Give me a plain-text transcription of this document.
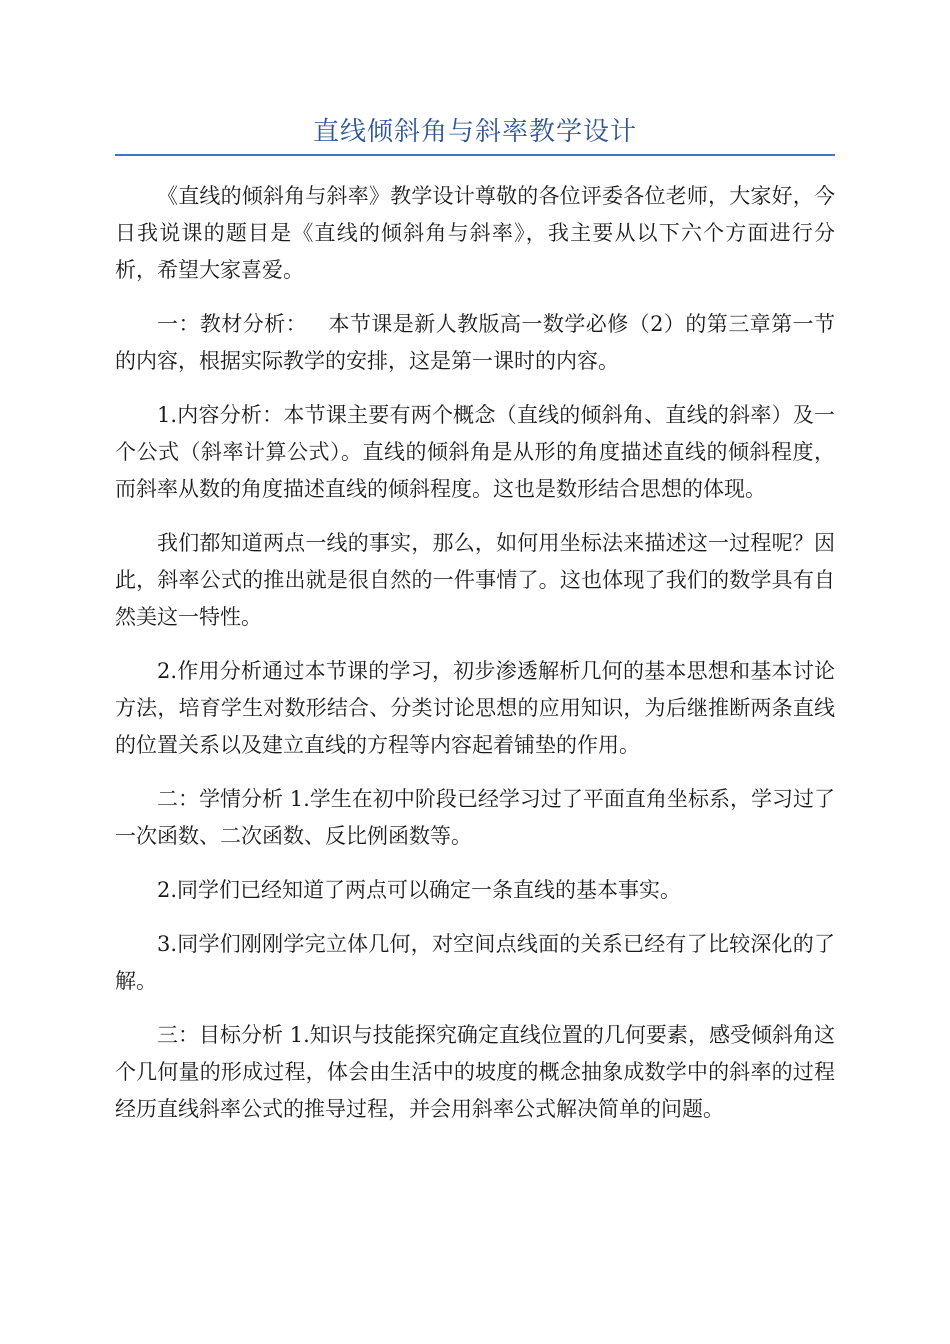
直线倾斜角与斜率教学设计

《直线的倾斜角与斜率》教学设计尊敬的各位评委各位老师，大家好，今日我说课的题目是《直线的倾斜角与斜率》，我主要从以下六个方面进行分析，希望大家喜爱。

一：教材分析：   本节课是新人教版高一数学必修（2）的第三章第一节的内容，根据实际教学的安排，这是第一课时的内容。

1.内容分析：本节课主要有两个概念（直线的倾斜角、直线的斜率）及一个公式（斜率计算公式）。直线的倾斜角是从形的角度描述直线的倾斜程度，而斜率从数的角度描述直线的倾斜程度。这也是数形结合思想的体现。

我们都知道两点一线的事实，那么，如何用坐标法来描述这一过程呢？因此，斜率公式的推出就是很自然的一件事情了。这也体现了我们的数学具有自然美这一特性。

2.作用分析通过本节课的学习，初步渗透解析几何的基本思想和基本讨论方法，培育学生对数形结合、分类讨论思想的应用知识，为后继推断两条直线的位置关系以及建立直线的方程等内容起着铺垫的作用。

二：学情分析 1.学生在初中阶段已经学习过了平面直角坐标系，学习过了一次函数、二次函数、反比例函数等。

2.同学们已经知道了两点可以确定一条直线的基本事实。

3.同学们刚刚学完立体几何，对空间点线面的关系已经有了比较深化的了解。

三：目标分析 1.知识与技能探究确定直线位置的几何要素，感受倾斜角这个几何量的形成过程，体会由生活中的坡度的概念抽象成数学中的斜率的过程经历直线斜率公式的推导过程，并会用斜率公式解决简单的问题。
